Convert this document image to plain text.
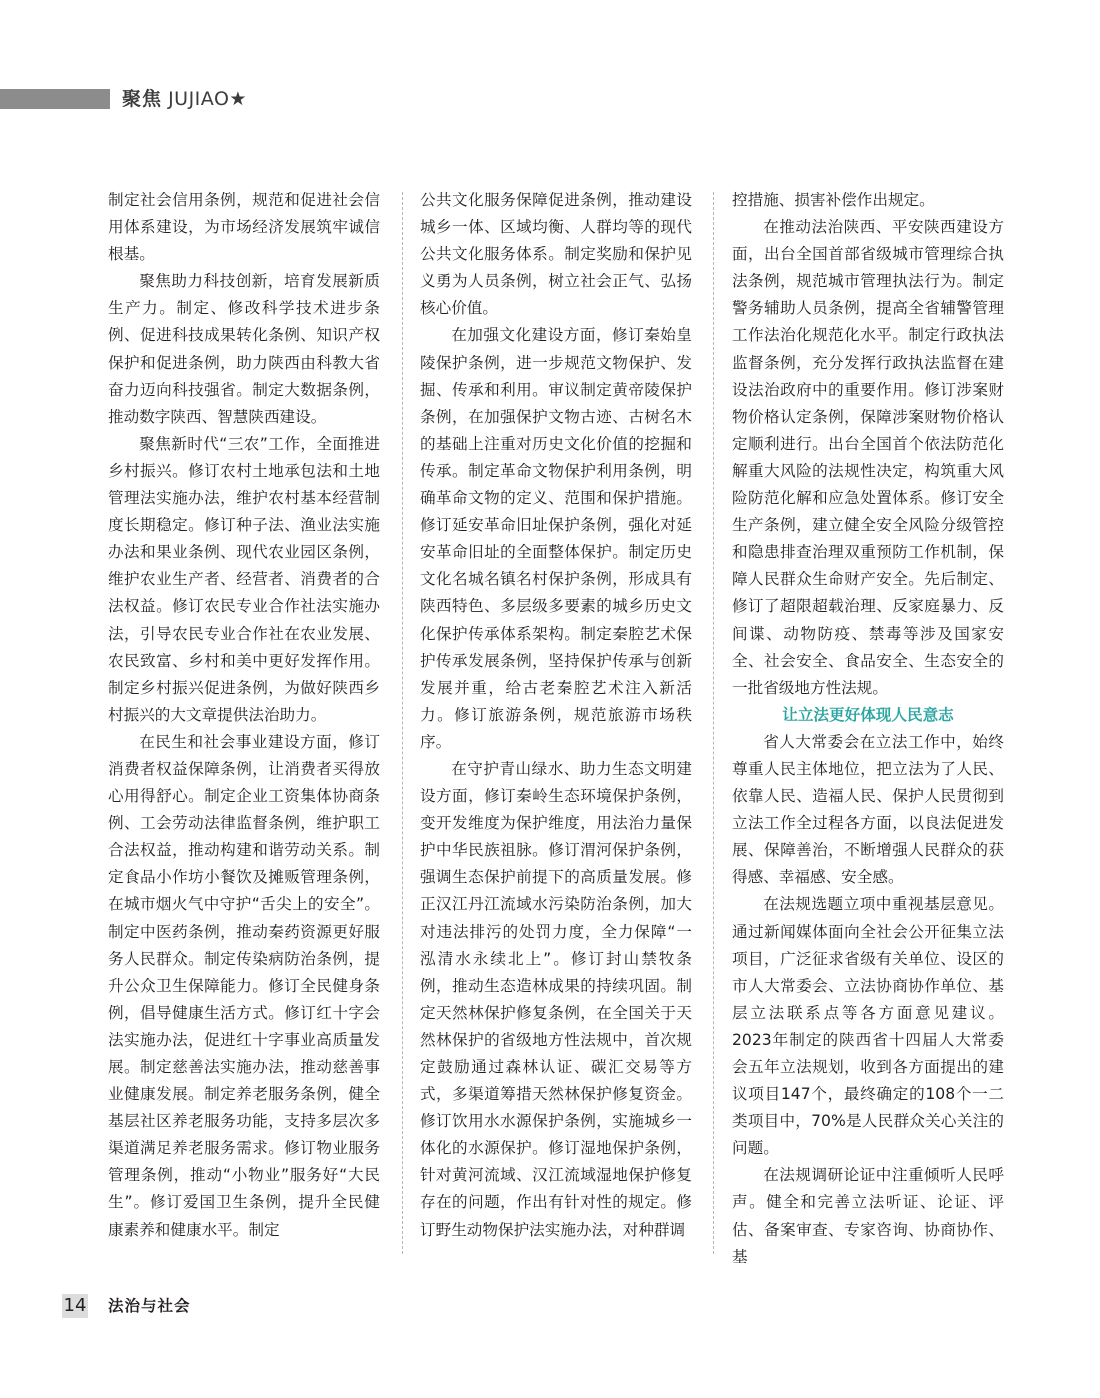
聚焦 JUJIAO★

制定社会信用条例，规范和促进社会信用体系建设，为市场经济发展筑牢诚信根基。

聚焦助力科技创新，培育发展新质生产力。制定、修改科学技术进步条例、促进科技成果转化条例、知识产权保护和促进条例，助力陕西由科教大省奋力迈向科技强省。制定大数据条例，推动数字陕西、智慧陕西建设。

聚焦新时代“三农”工作，全面推进乡村振兴。修订农村土地承包法和土地管理法实施办法，维护农村基本经营制度长期稳定。修订种子法、渔业法实施办法和果业条例、现代农业园区条例，维护农业生产者、经营者、消费者的合法权益。修订农民专业合作社法实施办法，引导农民专业合作社在农业发展、农民致富、乡村和美中更好发挥作用。制定乡村振兴促进条例，为做好陕西乡村振兴的大文章提供法治助力。

在民生和社会事业建设方面，修订消费者权益保障条例，让消费者买得放心用得舒心。制定企业工资集体协商条例、工会劳动法律监督条例，维护职工合法权益，推动构建和谐劳动关系。制定食品小作坊小餐饮及摊贩管理条例，在城市烟火气中守护“舌尖上的安全”。制定中医药条例，推动秦药资源更好服务人民群众。制定传染病防治条例，提升公众卫生保障能力。修订全民健身条例，倡导健康生活方式。修订红十字会法实施办法，促进红十字事业高质量发展。制定慈善法实施办法，推动慈善事业健康发展。制定养老服务条例，健全基层社区养老服务功能，支持多层次多渠道满足养老服务需求。修订物业服务管理条例，推动“小物业”服务好“大民生”。修订爱国卫生条例，提升全民健康素养和健康水平。制定

公共文化服务保障促进条例，推动建设城乡一体、区域均衡、人群均等的现代公共文化服务体系。制定奖励和保护见义勇为人员条例，树立社会正气、弘扬核心价值。

在加强文化建设方面，修订秦始皇陵保护条例，进一步规范文物保护、发掘、传承和利用。审议制定黄帝陵保护条例，在加强保护文物古迹、古树名木的基础上注重对历史文化价值的挖掘和传承。制定革命文物保护利用条例，明确革命文物的定义、范围和保护措施。修订延安革命旧址保护条例，强化对延安革命旧址的全面整体保护。制定历史文化名城名镇名村保护条例，形成具有陕西特色、多层级多要素的城乡历史文化保护传承体系架构。制定秦腔艺术保护传承发展条例，坚持保护传承与创新发展并重，给古老秦腔艺术注入新活力。修订旅游条例，规范旅游市场秩序。

在守护青山绿水、助力生态文明建设方面，修订秦岭生态环境保护条例，变开发维度为保护维度，用法治力量保护中华民族祖脉。修订渭河保护条例，强调生态保护前提下的高质量发展。修正汉江丹江流域水污染防治条例，加大对违法排污的处罚力度，全力保障“一泓清水永续北上”。修订封山禁牧条例，推动生态造林成果的持续巩固。制定天然林保护修复条例，在全国关于天然林保护的省级地方性法规中，首次规定鼓励通过森林认证、碳汇交易等方式，多渠道筹措天然林保护修复资金。修订饮用水水源保护条例，实施城乡一体化的水源保护。修订湿地保护条例，针对黄河流域、汉江流域湿地保护修复存在的问题，作出有针对性的规定。修订野生动物保护法实施办法，对种群调

控措施、损害补偿作出规定。

在推动法治陕西、平安陕西建设方面，出台全国首部省级城市管理综合执法条例，规范城市管理执法行为。制定警务辅助人员条例，提高全省辅警管理工作法治化规范化水平。制定行政执法监督条例，充分发挥行政执法监督在建设法治政府中的重要作用。修订涉案财物价格认定条例，保障涉案财物价格认定顺利进行。出台全国首个依法防范化解重大风险的法规性决定，构筑重大风险防范化解和应急处置体系。修订安全生产条例，建立健全安全风险分级管控和隐患排查治理双重预防工作机制，保障人民群众生命财产安全。先后制定、修订了超限超载治理、反家庭暴力、反间谍、动物防疫、禁毒等涉及国家安全、社会安全、食品安全、生态安全的一批省级地方性法规。

让立法更好体现人民意志

省人大常委会在立法工作中，始终尊重人民主体地位，把立法为了人民、依靠人民、造福人民、保护人民贯彻到立法工作全过程各方面，以良法促进发展、保障善治，不断增强人民群众的获得感、幸福感、安全感。

在法规选题立项中重视基层意见。通过新闻媒体面向全社会公开征集立法项目，广泛征求省级有关单位、设区的市人大常委会、立法协商协作单位、基层立法联系点等各方面意见建议。2023年制定的陕西省十四届人大常委会五年立法规划，收到各方面提出的建议项目147个，最终确定的108个一二类项目中，70%是人民群众关心关注的问题。

在法规调研论证中注重倾听人民呼声。健全和完善立法听证、论证、评估、备案审查、专家咨询、协商协作、基

14 法治与社会
